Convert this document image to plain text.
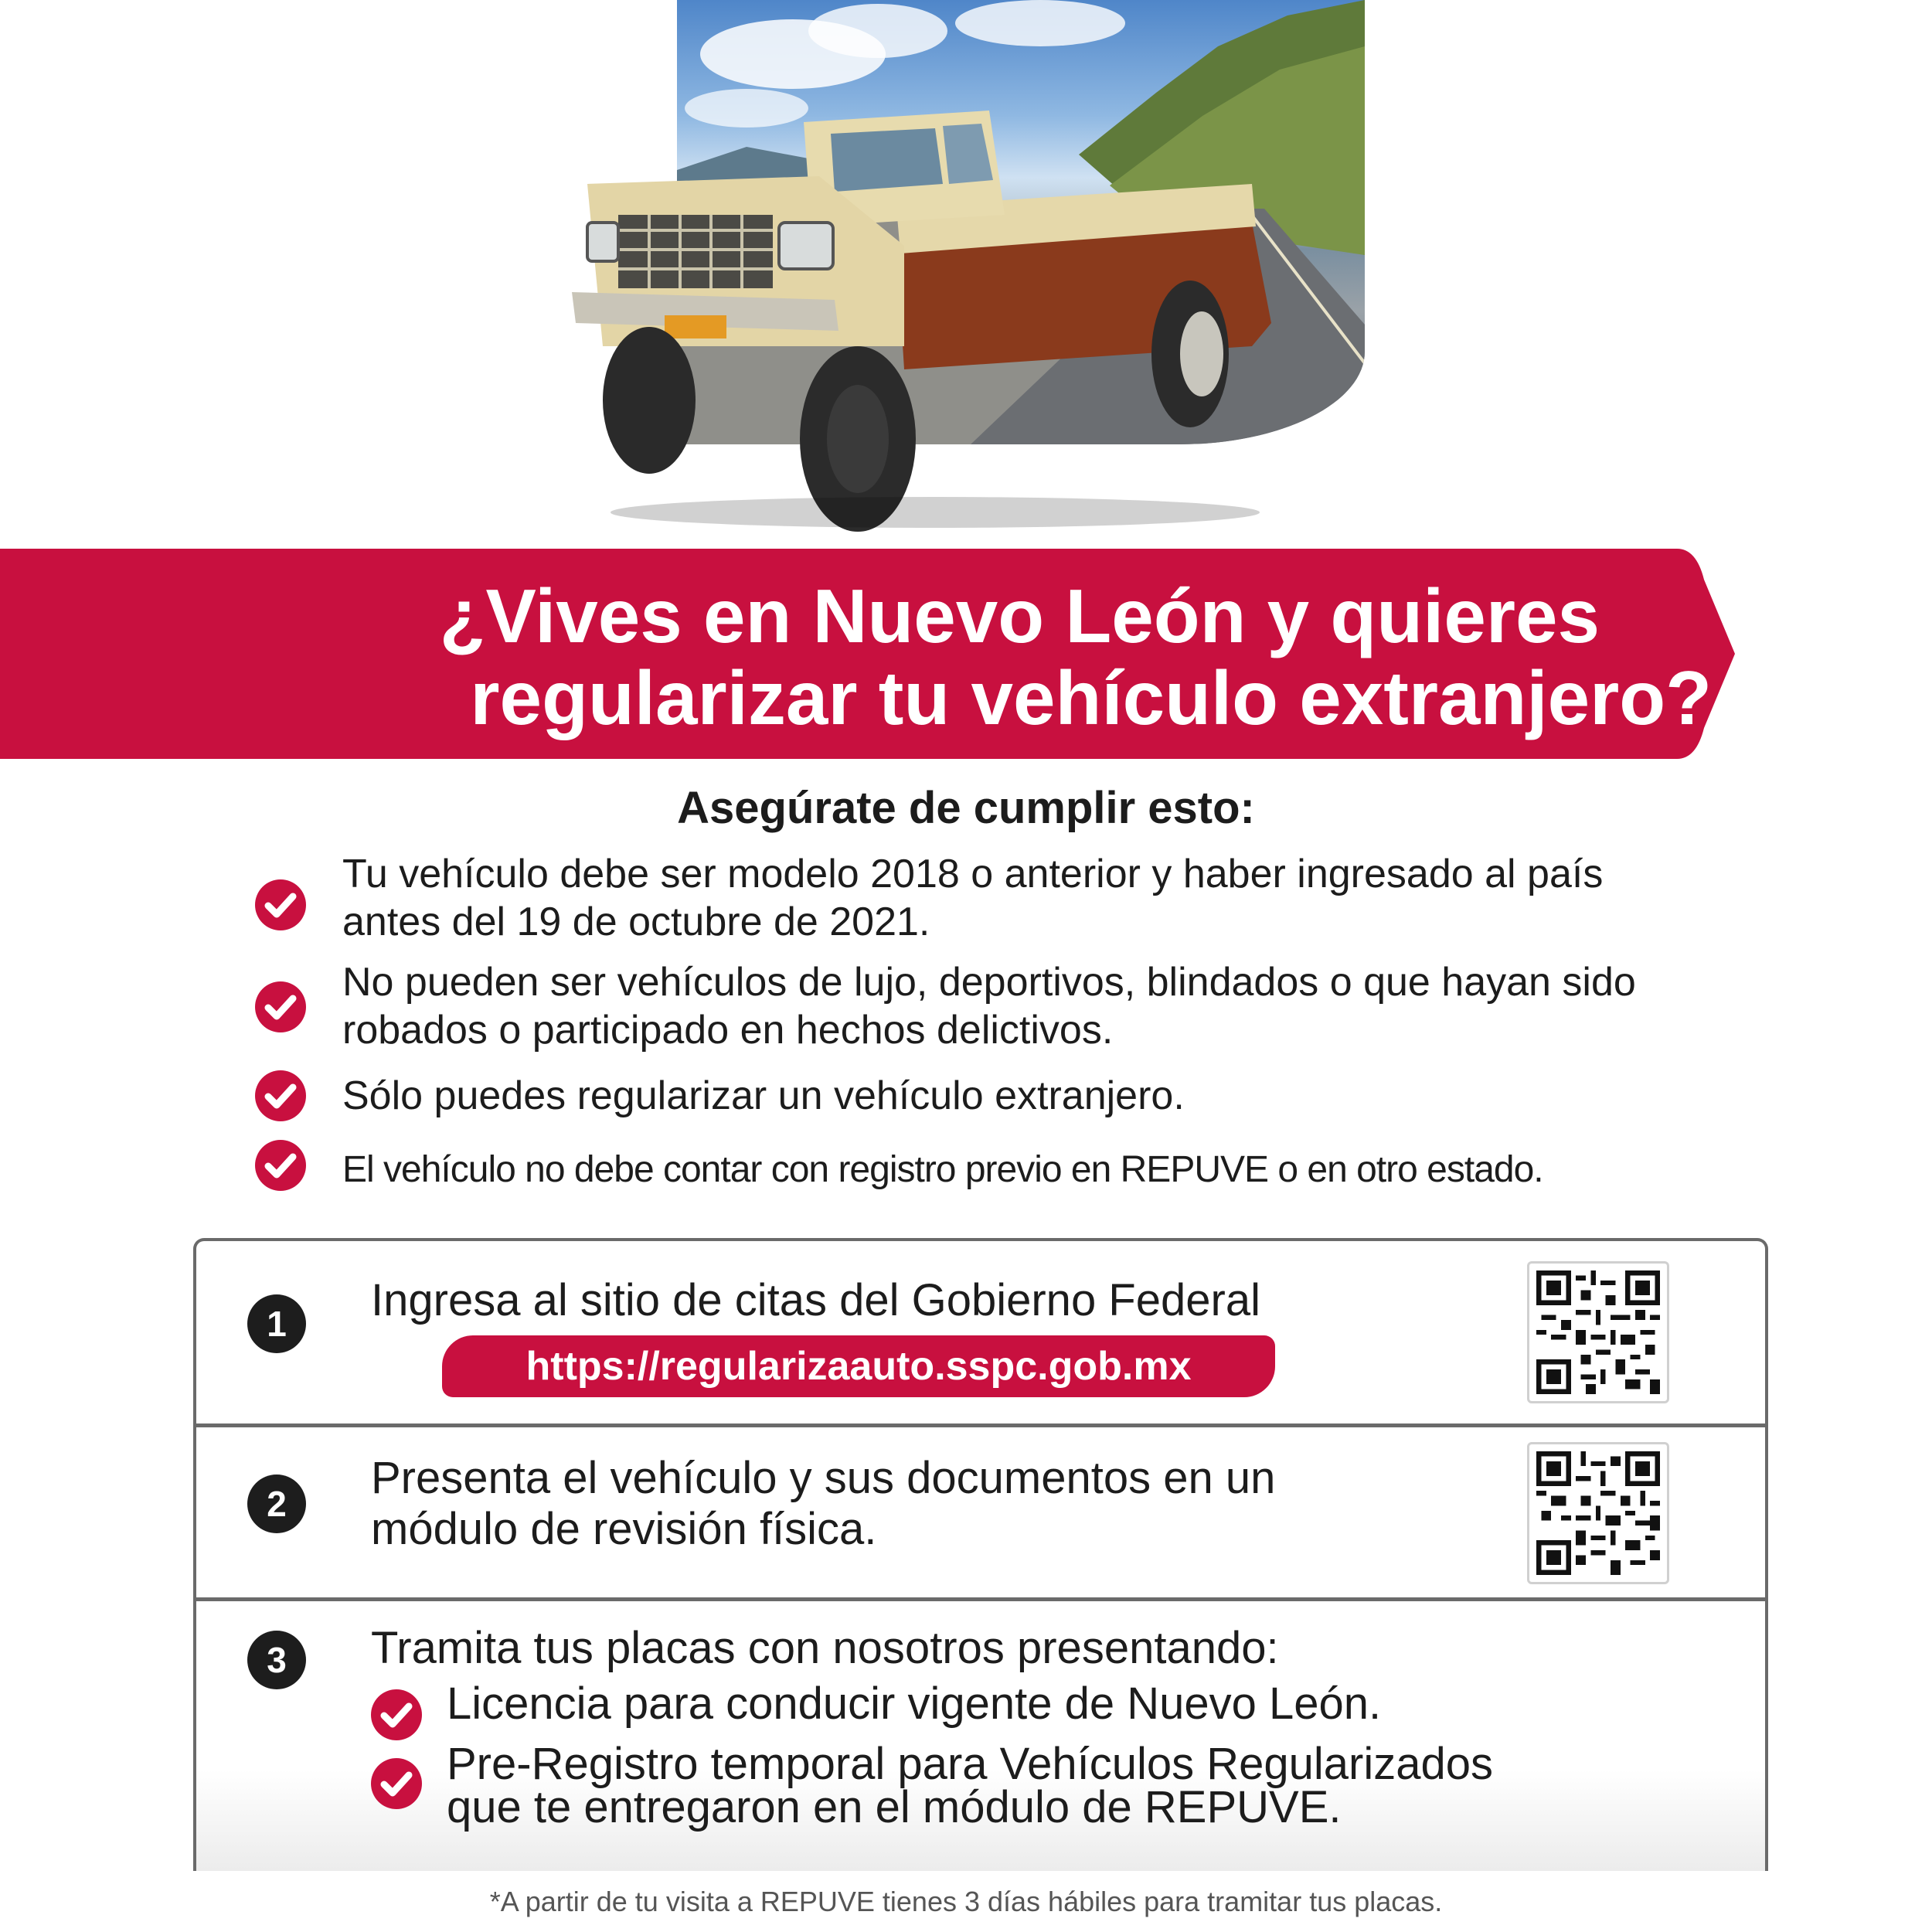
¿Vives en Nuevo León y quieres
regularizar tu vehículo extranjero?
Asegúrate de cumplir esto:
Tu vehículo debe ser modelo 2018 o anterior y haber ingresado al país
antes del 19 de octubre de 2021.
No pueden ser vehículos de lujo, deportivos, blindados o que hayan sido
robados o participado en hechos delictivos.
Sólo puedes regularizar un vehículo extranjero.
El vehículo no debe contar con registro previo en REPUVE o en otro estado.
1	Ingresa al sitio de citas del Gobierno Federal
https://regularizaauto.sspc.gob.mx
2
Presenta el vehículo y sus documentos en un
módulo de revisión física.
3	Tramita tus placas con nosotros presentando:
Licencia para conducir vigente de Nuevo León.
Pre-Registro temporal para Vehículos Regularizados
que te entregaron en el módulo de REPUVE.
*A partir de tu visita a REPUVE tienes 3 días hábiles para tramitar tus placas.
